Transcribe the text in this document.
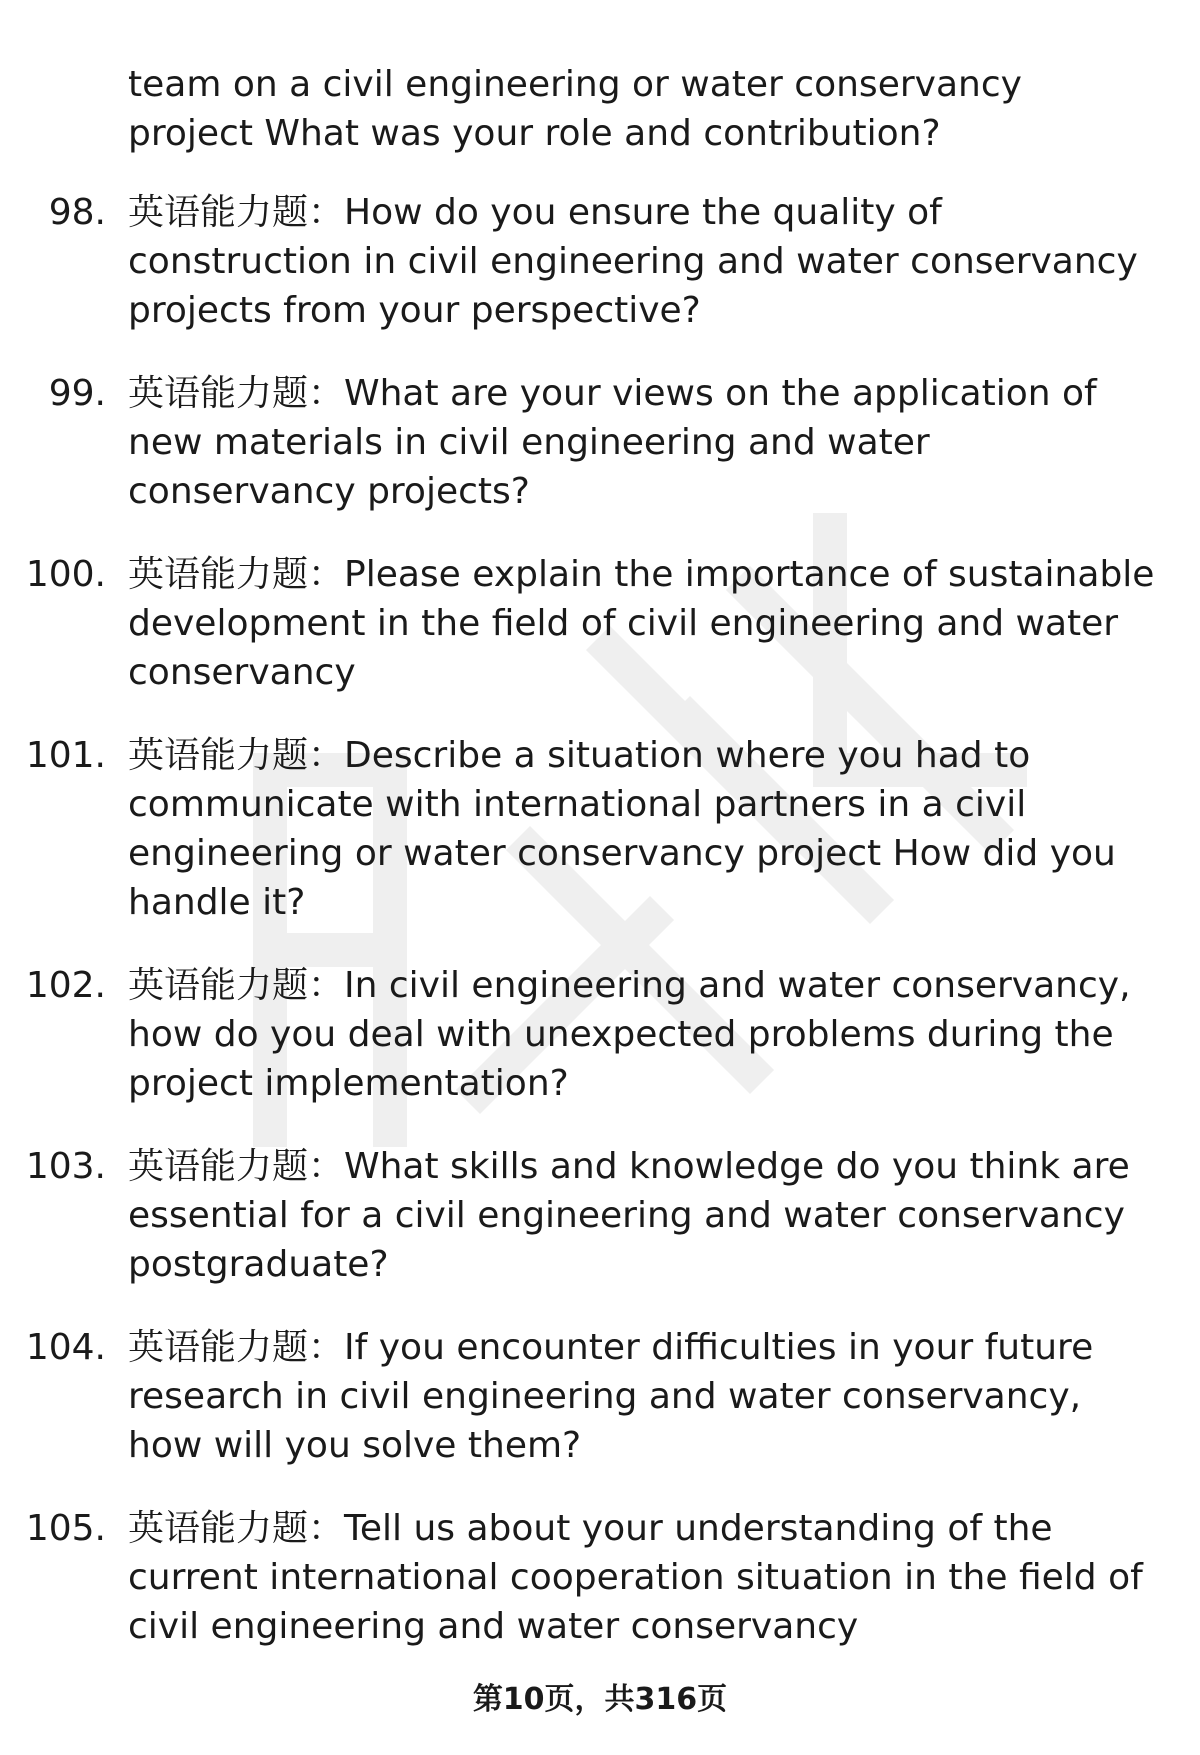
team on a civil engineering or water conservancy project What was your role and contribution?
98. 英语能力题：How do you ensure the quality of construction in civil engineering and water conservancy projects from your perspective?
99. 英语能力题：What are your views on the application of new materials in civil engineering and water conservancy projects?
100. 英语能力题：Please explain the importance of sustainable development in the field of civil engineering and water conservancy
101. 英语能力题：Describe a situation where you had to communicate with international partners in a civil engineering or water conservancy project How did you handle it?
102. 英语能力题：In civil engineering and water conservancy, how do you deal with unexpected problems during the project implementation?
103. 英语能力题：What skills and knowledge do you think are essential for a civil engineering and water conservancy postgraduate?
104. 英语能力题：If you encounter difficulties in your future research in civil engineering and water conservancy, how will you solve them?
105. 英语能力题：Tell us about your understanding of the current international cooperation situation in the field of civil engineering and water conservancy
第10页，共316页
